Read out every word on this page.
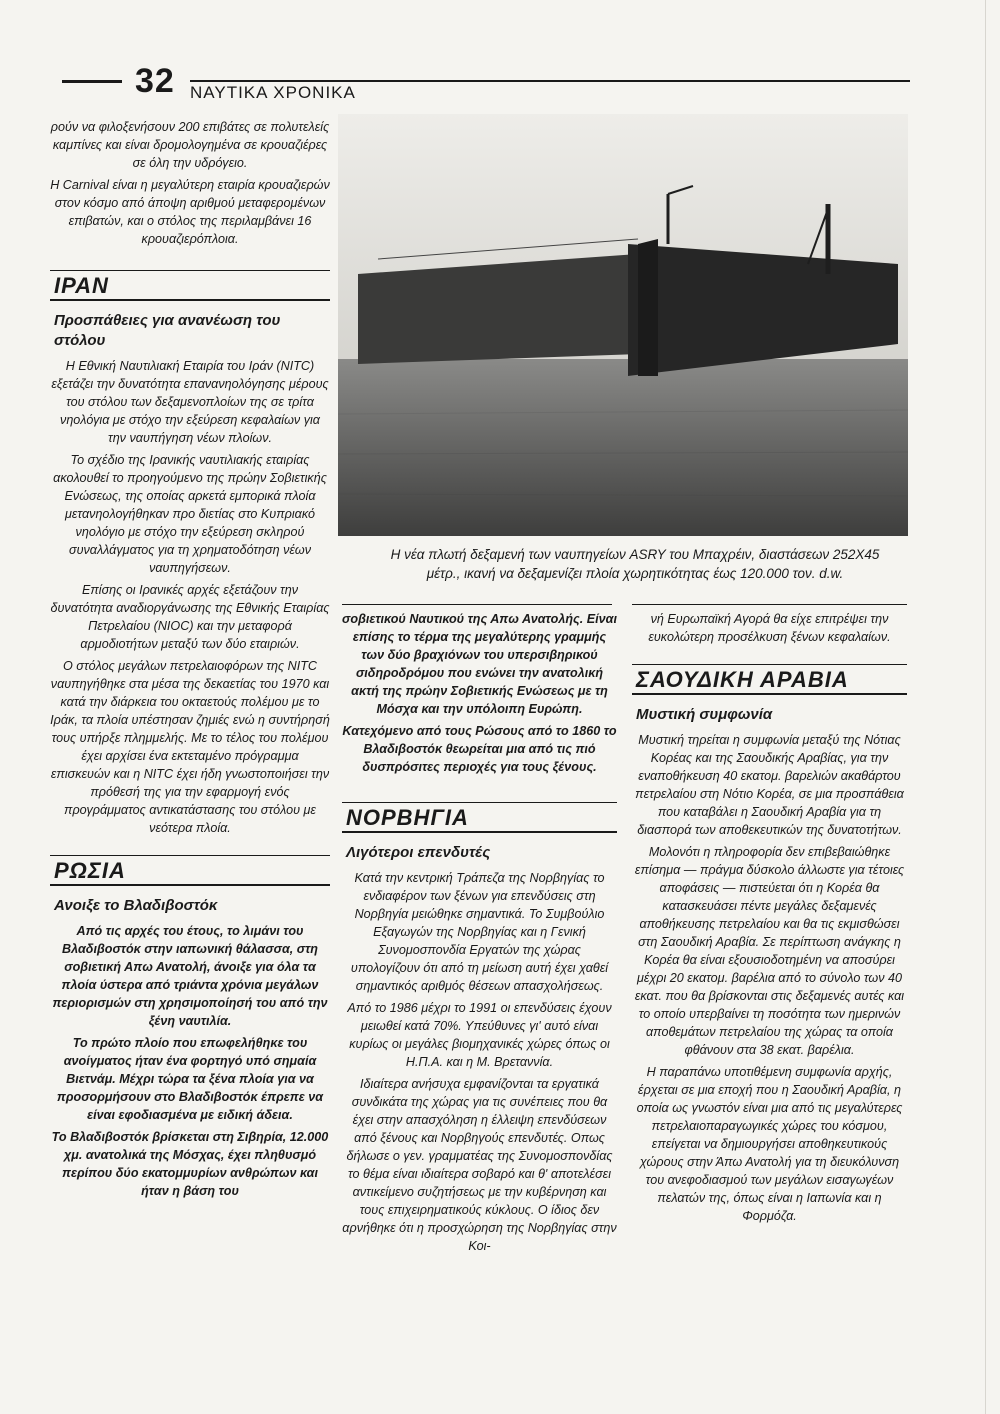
32 ΝΑΥΤΙΚΑ ΧΡΟΝΙΚΑ

ρούν να φιλοξενήσουν 200 επιβάτες σε πολυτελείς καμπίνες και είναι δρομολογημένα σε κρουαζιέρες σε όλη την υδρόγειο.

Η Carnival είναι η μεγαλύτερη εταιρία κρουαζιερών στον κόσμο από άποψη αριθμού μεταφερομένων επιβατών, και ο στόλος της περιλαμβάνει 16 κρουαζιερόπλοια.

ΙΡΑΝ
Προσπάθειες για ανανέωση του στόλου

Η Εθνική Ναυτιλιακή Εταιρία του Ιράν (NITC) εξετάζει την δυνατότητα επανανηολόγησης μέρους του στόλου των δεξαμενοπλοίων της σε τρίτα νηολόγια με στόχο την εξεύρεση κεφαλαίων για την ναυπήγηση νέων πλοίων.

Το σχέδιο της Ιρανικής ναυτιλιακής εταιρίας ακολουθεί το προηγούμενο της πρώην Σοβιετικής Ενώσεως, της οποίας αρκετά εμπορικά πλοία μετανηολογήθηκαν προ διετίας στο Κυπριακό νηολόγιο με στόχο την εξεύρεση σκληρού συναλλάγματος για τη χρηματοδότηση νέων ναυπηγήσεων.

Επίσης οι Ιρανικές αρχές εξετάζουν την δυνατότητα αναδιοργάνωσης της Εθνικής Εταιρίας Πετρελαίου (NIOC) και την μεταφορά αρμοδιοτήτων μεταξύ των δύο εταιριών.

Ο στόλος μεγάλων πετρελαιοφόρων της NITC ναυπηγήθηκε στα μέσα της δεκαετίας του 1970 και κατά την διάρκεια του οκταετούς πολέμου με το Ιράκ, τα πλοία υπέστησαν ζημιές ενώ η συντήρησή τους υπήρξε πλημμελής. Με το τέλος του πολέμου έχει αρχίσει ένα εκτεταμένο πρόγραμμα επισκευών και η NITC έχει ήδη γνωστοποιήσει την πρόθεσή της για την εφαρμογή ενός προγράμματος αντικατάστασης του στόλου με νεότερα πλοία.

ΡΩΣΙΑ
Ανοιξε το Βλαδιβοστόκ

Από τις αρχές του έτους, το λιμάνι του Βλαδιβοστόκ στην ιαπωνική θάλασσα, στη σοβιετική Απω Ανατολή, άνοιξε για όλα τα πλοία ύστερα από τριάντα χρόνια μεγάλων περιορισμών στη χρησιμοποίησή του από την ξένη ναυτιλία.

Το πρώτο πλοίο που επωφελήθηκε του ανοίγματος ήταν ένα φορτηγό υπό σημαία Βιετνάμ. Μέχρι τώρα τα ξένα πλοία για να προσορμήσουν στο Βλαδιβοστόκ έπρεπε να είναι εφοδιασμένα με ειδική άδεια.

Το Βλαδιβοστόκ βρίσκεται στη Σιβηρία, 12.000 χμ. ανατολικά της Μόσχας, έχει πληθυσμό περίπου δύο εκατομμυρίων ανθρώπων και ήταν η βάση του

Η νέα πλωτή δεξαμενή των ναυπηγείων ASRY του Μπαχρέιν, διαστάσεων 252Χ45 μέτρ., ικανή να δεξαμενίζει πλοία χωρητικότητας έως 120.000 τον. d.w.

σοβιετικού Ναυτικού της Απω Ανατολής. Είναι επίσης το τέρμα της μεγαλύτερης γραμμής των δύο βραχιόνων του υπερσιβηρικού σιδηροδρόμου που ενώνει την ανατολική ακτή της πρώην Σοβιετικής Ενώσεως με τη Μόσχα και την υπόλοιπη Ευρώπη.

Κατεχόμενο από τους Ρώσους από το 1860 το Βλαδιβοστόκ θεωρείται μια από τις πιό δυσπρόσιτες περιοχές για τους ξένους.

ΝΟΡΒΗΓΙΑ
Λιγότεροι επενδυτές

Κατά την κεντρική Τράπεζα της Νορβηγίας το ενδιαφέρον των ξένων για επενδύσεις στη Νορβηγία μειώθηκε σημαντικά. Το Συμβούλιο Εξαγωγών της Νορβηγίας και η Γενική Συνομοσπονδία Εργατών της χώρας υπολογίζουν ότι από τη μείωση αυτή έχει χαθεί σημαντικός αριθμός θέσεων απασχολήσεως.

Από το 1986 μέχρι το 1991 οι επενδύσεις έχουν μειωθεί κατά 70%. Υπεύθυνες γι' αυτό είναι κυρίως οι μεγάλες βιομηχανικές χώρες όπως οι Η.Π.Α. και η Μ. Βρεταννία.

Ιδιαίτερα ανήσυχα εμφανίζονται τα εργατικά συνδικάτα της χώρας για τις συνέπειες που θα έχει στην απασχόληση η έλλειψη επενδύσεων από ξένους και Νορβηγούς επενδυτές. Οπως δήλωσε ο γεν. γραμματέας της Συνομοσπονδίας το θέμα είναι ιδιαίτερα σοβαρό και θ' αποτελέσει αντικείμενο συζητήσεως με την κυβέρνηση και τους επιχειρηματικούς κύκλους. Ο ίδιος δεν αρνήθηκε ότι η προσχώρηση της Νορβηγίας στην Κοι-

νή Ευρωπαϊκή Αγορά θα είχε επιτρέψει την ευκολώτερη προσέλκυση ξένων κεφαλαίων.

ΣΑΟΥΔΙΚΗ ΑΡΑΒΙΑ
Μυστική συμφωνία

Μυστική τηρείται η συμφωνία μεταξύ της Νότιας Κορέας και της Σαουδικής Αραβίας, για την εναποθήκευση 40 εκατομ. βαρελιών ακαθάρτου πετρελαίου στη Νότιο Κορέα, σε μια προσπάθεια που καταβάλει η Σαουδική Αραβία για τη διασπορά των αποθεκευτικών της δυνατοτήτων.

Μολονότι η πληροφορία δεν επιβεβαιώθηκε επίσημα — πράγμα δύσκολο άλλωστε για τέτοιες αποφάσεις — πιστεύεται ότι η Κορέα θα κατασκευάσει πέντε μεγάλες δεξαμενές αποθήκευσης πετρελαίου και θα τις εκμισθώσει στη Σαουδική Αραβία. Σε περίπτωση ανάγκης η Κορέα θα είναι εξουσιοδοτημένη να αποσύρει μέχρι 20 εκατομ. βαρέλια από το σύνολο των 40 εκατ. που θα βρίσκονται στις δεξαμενές αυτές και το οποίο υπερβαίνει τη ποσότητα των ημερινών αποθεμάτων πετρελαίου της χώρας τα οποία φθάνουν στα 38 εκατ. βαρέλια.

Η παραπάνω υποτιθέμενη συμφωνία αρχής, έρχεται σε μια εποχή που η Σαουδική Αραβία, η οποία ως γνωστόν είναι μια από τις μεγαλύτερες πετρελαιοπαραγωγικές χώρες του κόσμου, επείγεται να δημιουργήσει αποθηκευτικούς χώρους στην Άπω Ανατολή για τη διευκόλυνση του ανεφοδιασμού των μεγάλων εισαγωγέων πελατών της, όπως είναι η Ιαπωνία και η Φορμόζα.
